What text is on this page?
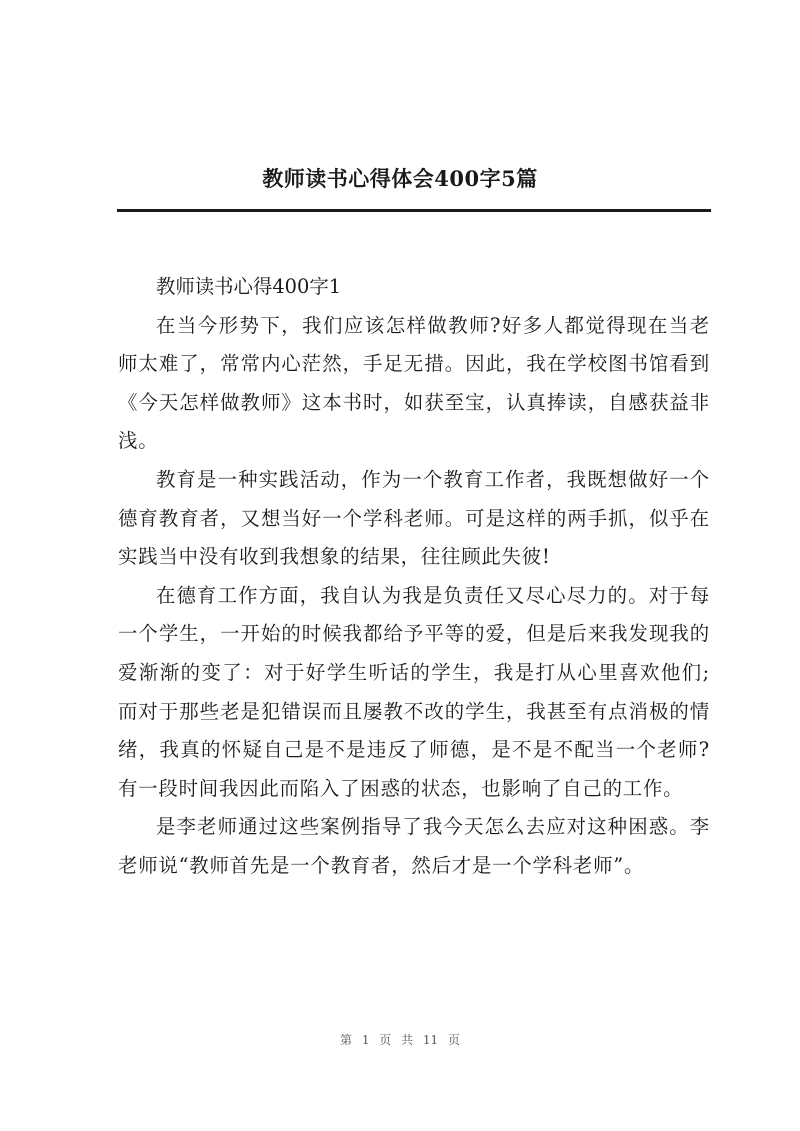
教师读书心得体会400字5篇

教师读书心得400字1

在当今形势下，我们应该怎样做教师?好多人都觉得现在当老师太难了，常常内心茫然，手足无措。因此，我在学校图书馆看到《今天怎样做教师》这本书时，如获至宝，认真捧读，自感获益非浅。

教育是一种实践活动，作为一个教育工作者，我既想做好一个德育教育者，又想当好一个学科老师。可是这样的两手抓，似乎在实践当中没有收到我想象的结果，往往顾此失彼!

在德育工作方面，我自认为我是负责任又尽心尽力的。对于每一个学生，一开始的时候我都给予平等的爱，但是后来我发现我的爱渐渐的变了：对于好学生听话的学生，我是打从心里喜欢他们;而对于那些老是犯错误而且屡教不改的学生，我甚至有点消极的情绪，我真的怀疑自己是不是违反了师德，是不是不配当一个老师?有一段时间我因此而陷入了困惑的状态，也影响了自己的工作。

是李老师通过这些案例指导了我今天怎么去应对这种困惑。李老师说“教师首先是一个教育者，然后才是一个学科老师”。

第 1 页 共 11 页
